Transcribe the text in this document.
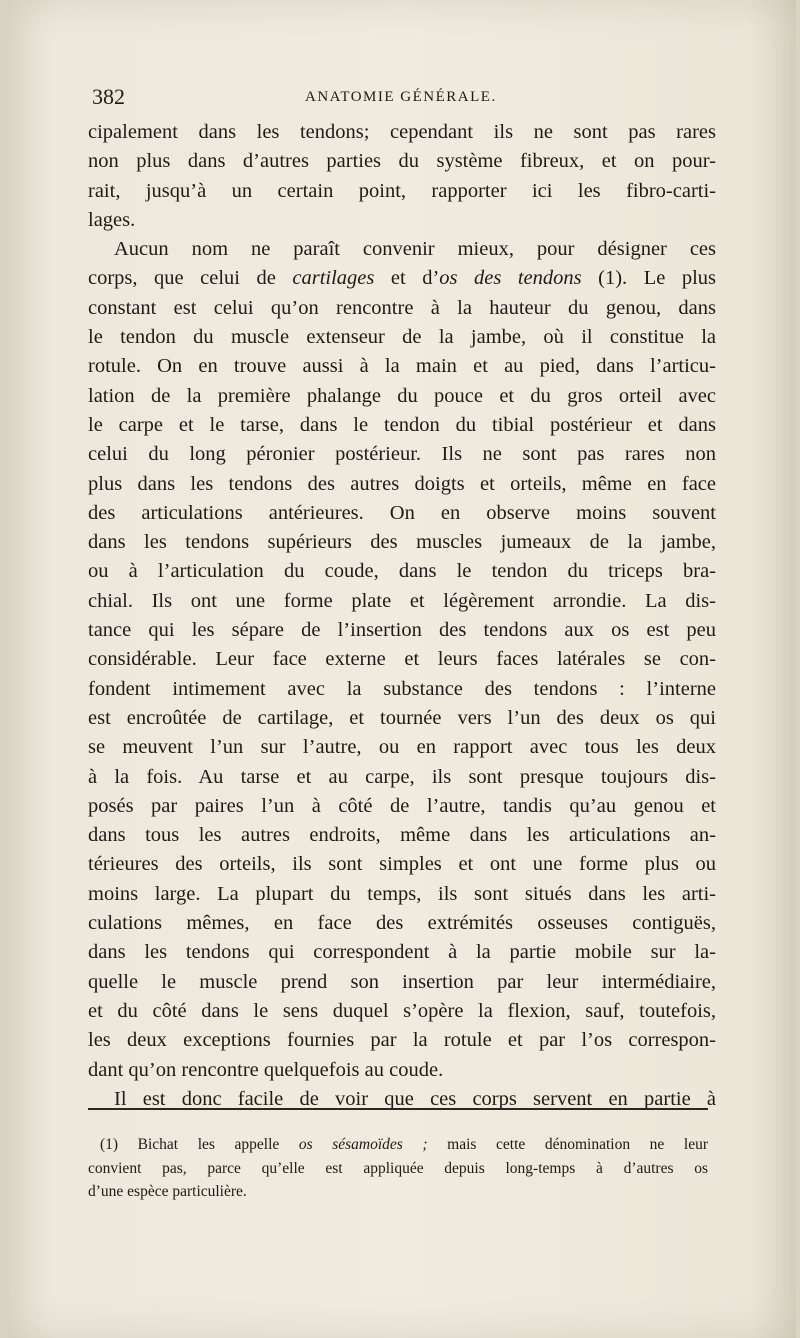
382	ANATOMIE GÉNÉRALE.
cipalement dans les tendons; cependant ils ne sont pas rares
non plus dans d’autres parties du système fibreux, et on pour-
rait, jusqu’à un certain point, rapporter ici les fibro-carti-
lages.
Aucun nom ne paraît convenir mieux, pour désigner ces
corps, que celui de cartilages et d’os des tendons (1). Le plus
constant est celui qu’on rencontre à la hauteur du genou, dans
le tendon du muscle extenseur de la jambe, où il constitue la
rotule. On en trouve aussi à la main et au pied, dans l’articu-
lation de la première phalange du pouce et du gros orteil avec
le carpe et le tarse, dans le tendon du tibial postérieur et dans
celui du long péronier postérieur. Ils ne sont pas rares non
plus dans les tendons des autres doigts et orteils, même en face
des articulations antérieures. On en observe moins souvent
dans les tendons supérieurs des muscles jumeaux de la jambe,
ou à l’articulation du coude, dans le tendon du triceps bra-
chial. Ils ont une forme plate et légèrement arrondie. La dis-
tance qui les sépare de l’insertion des tendons aux os est peu
considérable. Leur face externe et leurs faces latérales se con-
fondent intimement avec la substance des tendons : l’interne
est encroûtée de cartilage, et tournée vers l’un des deux os qui
se meuvent l’un sur l’autre, ou en rapport avec tous les deux
à la fois. Au tarse et au carpe, ils sont presque toujours dis-
posés par paires l’un à côté de l’autre, tandis qu’au genou et
dans tous les autres endroits, même dans les articulations an-
térieures des orteils, ils sont simples et ont une forme plus ou
moins large. La plupart du temps, ils sont situés dans les arti-
culations mêmes, en face des extrémités osseuses contiguës,
dans les tendons qui correspondent à la partie mobile sur la-
quelle le muscle prend son insertion par leur intermédiaire,
et du côté dans le sens duquel s’opère la flexion, sauf, toutefois,
les deux exceptions fournies par la rotule et par l’os correspon-
dant qu’on rencontre quelquefois au coude.
Il est donc facile de voir que ces corps servent en partie à
(1) Bichat les appelle os sésamoïdes ; mais cette dénomination ne leur
convient pas, parce qu’elle est appliquée depuis long-temps à d’autres os
d’une espèce particulière.
